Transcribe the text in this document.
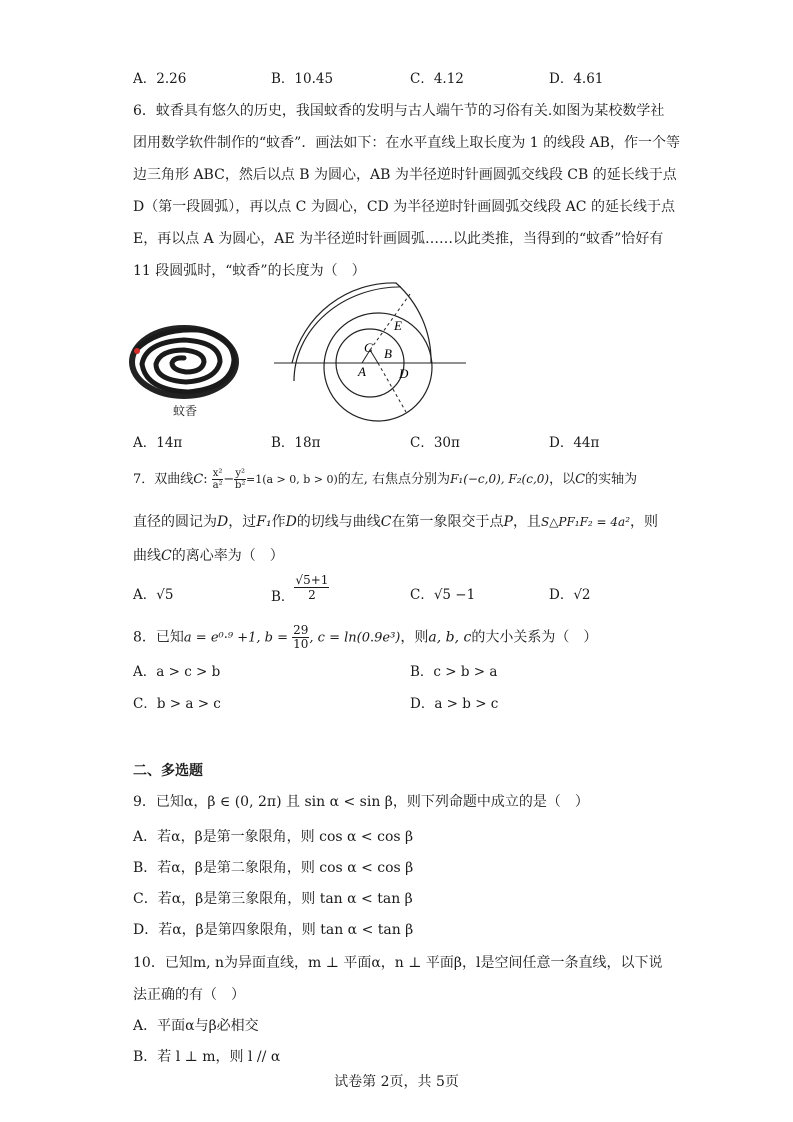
A．2.26	B．10.45	C．4.12	D．4.61
6．蚊香具有悠久的历史，我国蚊香的发明与古人端午节的习俗有关.如图为某校数学社
团用数学软件制作的“蚊香”．画法如下：在水平直线上取长度为 1 的线段 AB，作一个等
边三角形 ABC，然后以点 B 为圆心，AB 为半径逆时针画圆弧交线段 CB 的延长线于点
D（第一段圆弧），再以点 C 为圆心，CD 为半径逆时针画圆弧交线段 AC 的延长线于点
E，再以点 A 为圆心，AE 为半径逆时针画圆弧……以此类推，当得到的“蚊香”恰好有
11 段圆弧时，“蚊香”的长度为（　）
蚊香
E
C B
A	D
A．14π	B．18π	C．30π	D．44π
7．双曲线C: $\frac{\text{x²}}{\text{a²}} - \frac{\text{y²}}{\text{b²}} =1(a > 0$, b > 0)的左, 右焦点分别为F₁(−c,0), F₂(c,0)，以C的实轴为
直径的圆记为D，过F₁作D的切线与曲线C在第一象限交于点P，且S△PF₁F₂ = 4a²，则
曲线C的离心率为（　）
A．√5	B． $\frac{√5+1}{2}$	C．√5 −1	D．√2
8．已知a = e⁰·⁹ +1, $b = \frac{29}{10}$ , c = ln(0.9e³)，则a, b, c的大小关系为（　）
A．a > c > b	B．c > b > a
C．b > a > c	D．a > b > c
二、多选题
9．已知α，β ∈ (0, 2π) 且 sin α < sin β，则下列命题中成立的是（　）
A．若α，β是第一象限角，则 cos α < cos β
B．若α，β是第二象限角，则 cos α < cos β
C．若α，β是第三象限角，则 tan α < tan β
D．若α，β是第四象限角，则 tan α < tan β
10．已知m, n为异面直线，m ⊥ 平面α，n ⊥ 平面β，l是空间任意一条直线，以下说
法正确的有（　）
A．平面α与β必相交
B．若 l ⊥ m，则 l // α
试卷第 2页，共 5页
